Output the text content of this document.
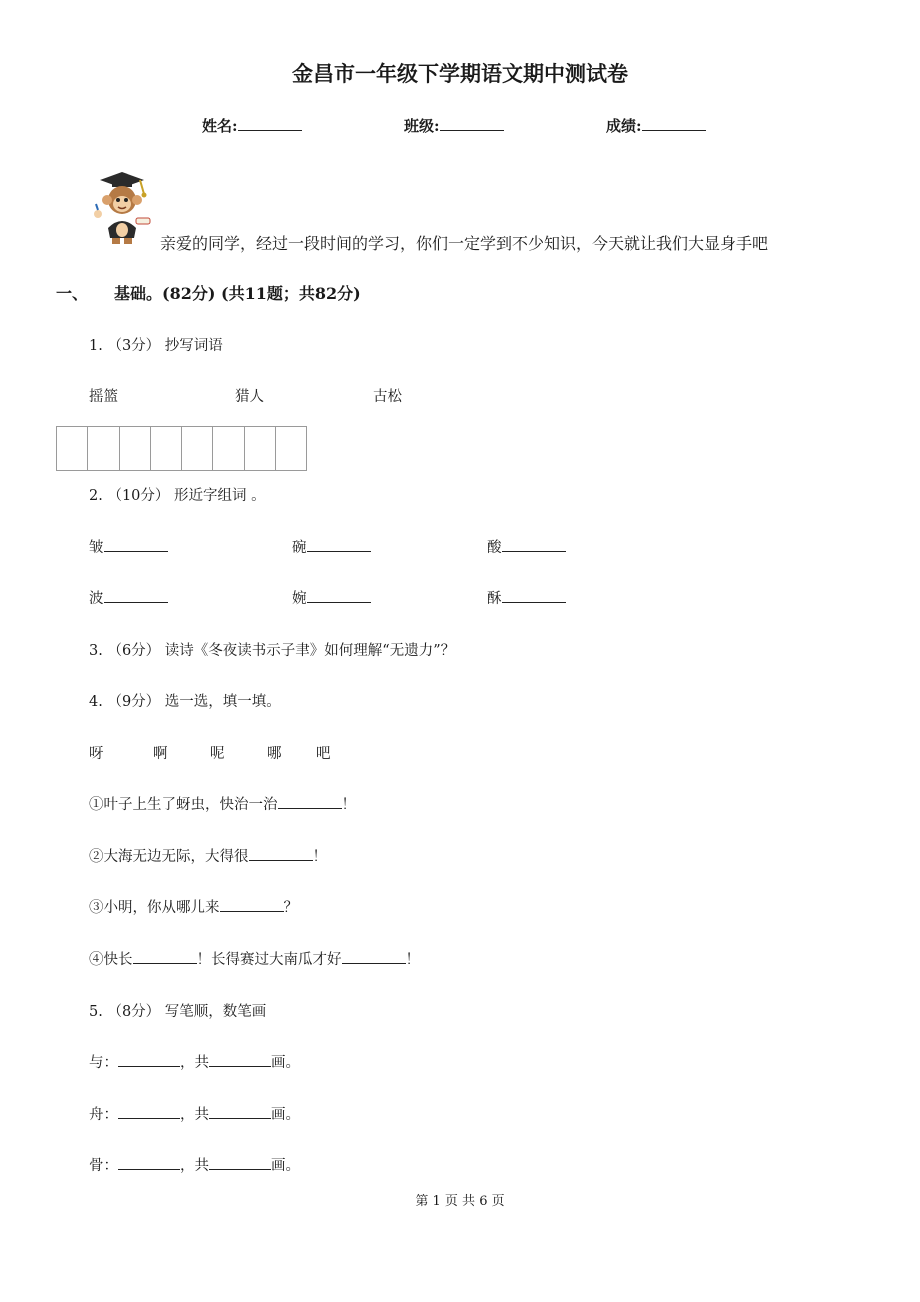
金昌市一年级下学期语文期中测试卷
姓名:	班级:	成绩:
亲爱的同学，经过一段时间的学习，你们一定学到不少知识，今天就让我们大显身手吧
一、 基础。(82分) (共11题；共82分)
1. （3分） 抄写词语
摇篮	猎人	古松
2. （10分） 形近字组词 。
皱	碗	酸
波	婉	酥
3. （6分） 读诗《冬夜读书示子聿》如何理解“无遗力”？
4. （9分） 选一选，填一填。
呀	啊	呢	哪 吧
①叶子上生了蚜虫，快治一治	！
②大海无边无际，大得很	！
③小明，你从哪儿来	？
④快长	！长得赛过大南瓜才好	！
5. （8分） 写笔顺，数笔画
与：	，共	画。
舟：	，共	画。
骨：	，共	画。
第 1 页 共 6 页
